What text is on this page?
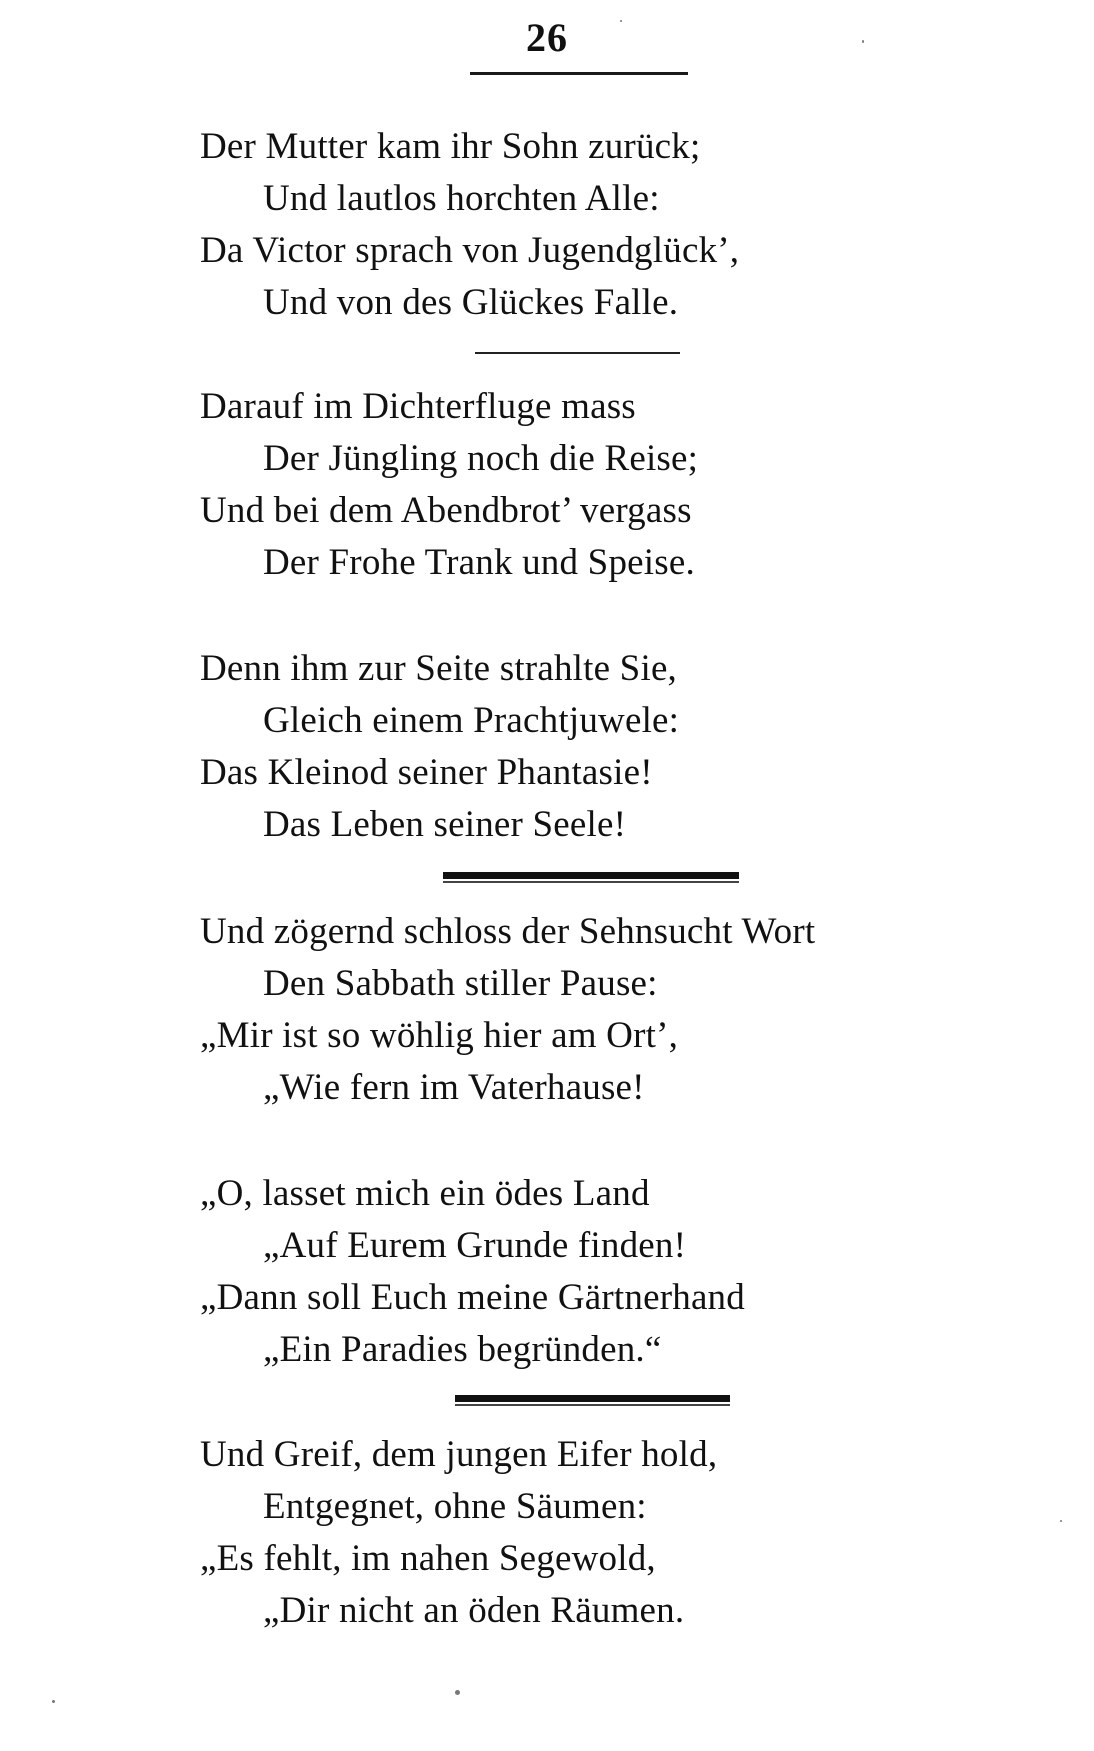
26
Der Mutter kam ihr Sohn zurück;
Und lautlos horchten Alle:
Da Victor sprach von Jugendglück’,
Und von des Glückes Falle.
Darauf im Dichterfluge mass
Der Jüngling noch die Reise;
Und bei dem Abendbrot’ vergass
Der Frohe Trank und Speise.
Denn ihm zur Seite strahlte Sie,
Gleich einem Prachtjuwele:
Das Kleinod seiner Phantasie!
Das Leben seiner Seele!
Und zögernd schloss der Sehnsucht Wort
Den Sabbath stiller Pause:
„Mir ist so wöhlig hier am Ort’,
„Wie fern im Vaterhause!
„O, lasset mich ein ödes Land
„Auf Eurem Grunde finden!
„Dann soll Euch meine Gärtnerhand
„Ein Paradies begründen.“
Und Greif, dem jungen Eifer hold,
Entgegnet, ohne Säumen:
„Es fehlt, im nahen Segewold,
„Dir nicht an öden Räumen.
